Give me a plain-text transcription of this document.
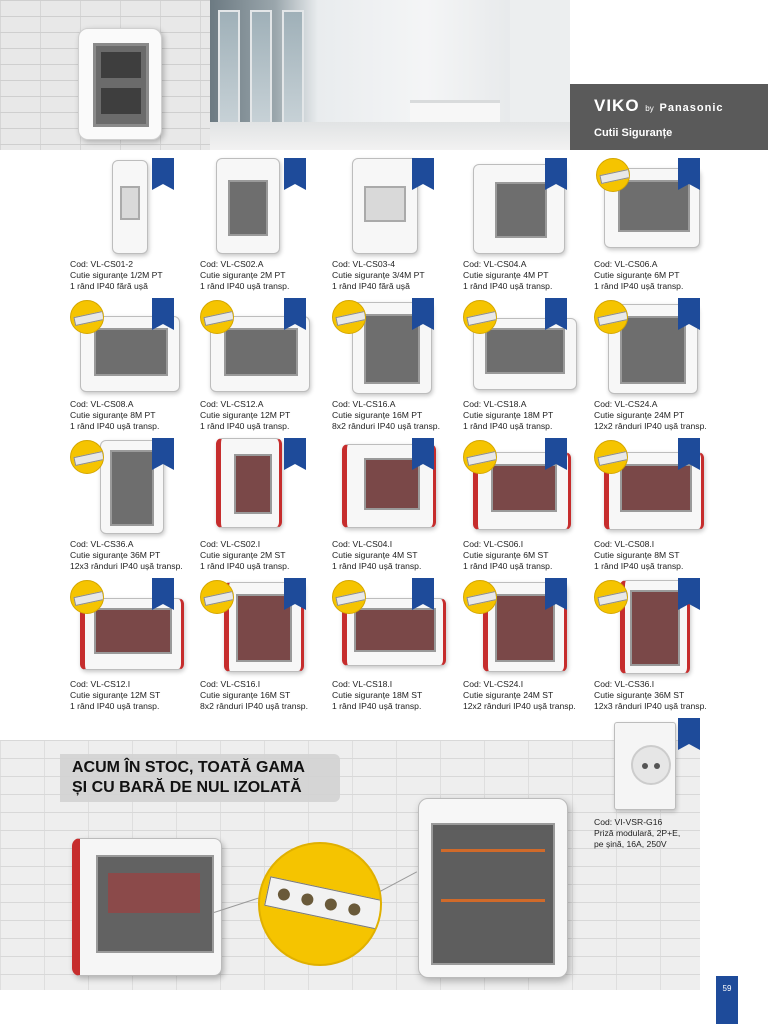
VIKO by Panasonic
Cutii Siguranțe
Cod: VL-CS01-2
Cutie siguranțe 1/2M PT
1 rând IP40 fără ușă
Cod: VL-CS02.A
Cutie siguranțe 2M PT
1 rând IP40 ușă transp.
Cod: VL-CS03-4
Cutie siguranțe 3/4M PT
1 rând IP40 fără ușă
Cod: VL-CS04.A
Cutie siguranțe 4M PT
1 rând IP40 ușă transp.
Cod: VL-CS06.A
Cutie siguranțe 6M PT
1 rând IP40 ușă transp.
Cod: VL-CS08.A
Cutie siguranțe 8M PT
1 rând IP40 ușă transp.
Cod: VL-CS12.A
Cutie siguranțe 12M PT
1 rând IP40 ușă transp.
Cod: VL-CS16.A
Cutie siguranțe 16M PT
8x2 rânduri IP40 ușă transp.
Cod: VL-CS18.A
Cutie siguranțe 18M PT
1 rând IP40 ușă transp.
Cod: VL-CS24.A
Cutie siguranțe 24M PT
12x2 rânduri IP40 ușă transp.
Cod: VL-CS36.A
Cutie siguranțe 36M PT
12x3 rânduri IP40 ușă transp.
Cod: VL-CS02.I
Cutie siguranțe 2M ST
1 rând IP40 ușă transp.
Cod: VL-CS04.I
Cutie siguranțe 4M ST
1 rând IP40 ușă transp.
Cod: VL-CS06.I
Cutie siguranțe 6M ST
1 rând IP40 ușă transp.
Cod: VL-CS08.I
Cutie siguranțe 8M ST
1 rând IP40 ușă transp.
Cod: VL-CS12.I
Cutie siguranțe 12M ST
1 rând IP40 ușă transp.
Cod: VL-CS16.I
Cutie siguranțe 16M ST
8x2 rânduri IP40 ușă transp.
Cod: VL-CS18.I
Cutie siguranțe 18M ST
1 rând IP40 ușă transp.
Cod: VL-CS24.I
Cutie siguranțe 24M ST
12x2 rânduri IP40 ușă transp.
Cod: VL-CS36.I
Cutie siguranțe 36M ST
12x3 rânduri IP40 ușă transp.
ACUM ÎN STOC, TOATĂ GAMA
ȘI CU BARĂ DE NUL IZOLATĂ
Cod: VI-VSR-G16
Priză modulară, 2P+E,
pe șină, 16A, 250V
59
